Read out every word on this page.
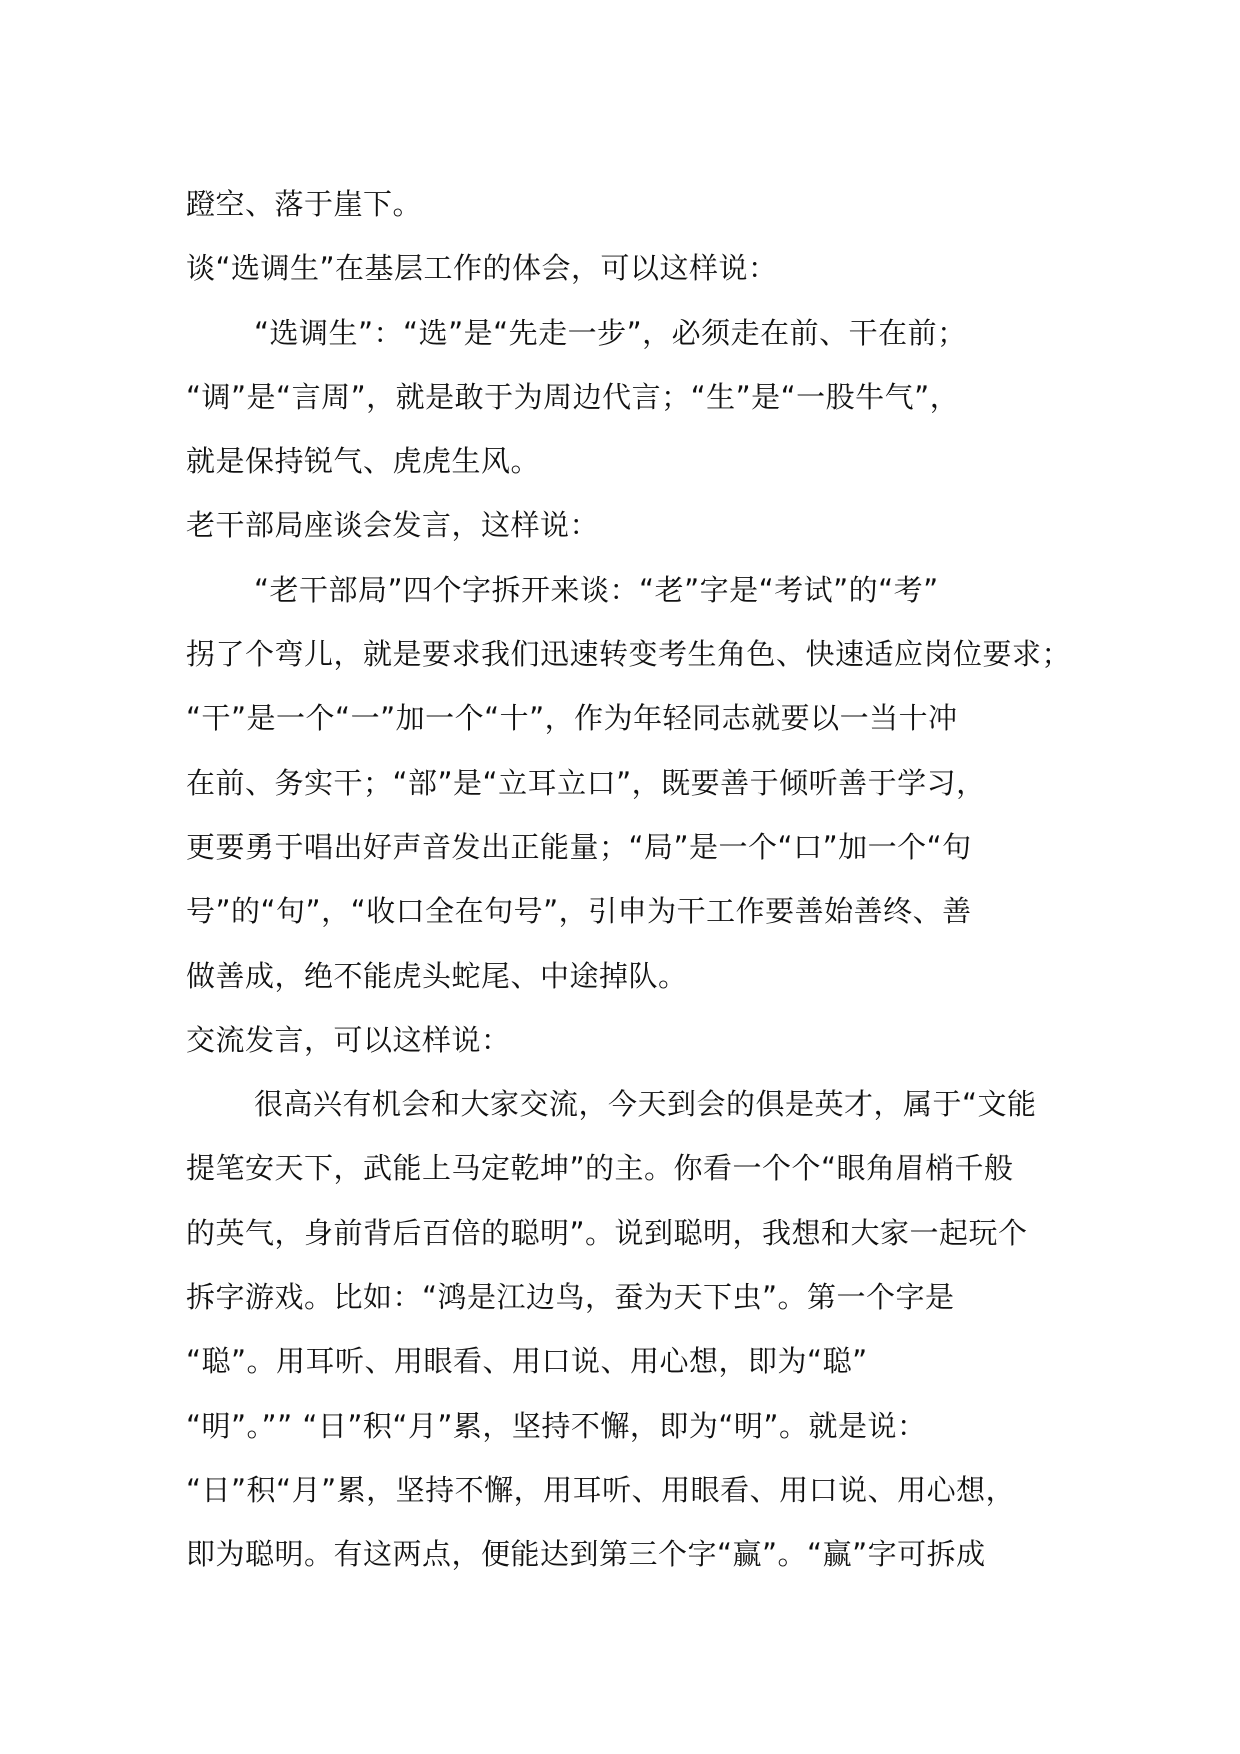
蹬空、落于崖下。
谈“选调生”在基层工作的体会，可以这样说：
“选调生”：“选”是“先走一步”，必须走在前、干在前；
“调”是“言周”，就是敢于为周边代言；“生”是“一股牛气”，
就是保持锐气、虎虎生风。
老干部局座谈会发言，这样说：
“老干部局”四个字拆开来谈：“老”字是“考试”的“考”
拐了个弯儿，就是要求我们迅速转变考生角色、快速适应岗位要求；
“干”是一个“一”加一个“十”，作为年轻同志就要以一当十冲
在前、务实干；“部”是“立耳立口”，既要善于倾听善于学习，
更要勇于唱出好声音发出正能量；“局”是一个“口”加一个“句
号”的“句”，“收口全在句号”，引申为干工作要善始善终、善
做善成，绝不能虎头蛇尾、中途掉队。
交流发言，可以这样说：
很高兴有机会和大家交流，今天到会的俱是英才，属于“文能
提笔安天下，武能上马定乾坤”的主。你看一个个“眼角眉梢千般
的英气，身前背后百倍的聪明”。说到聪明，我想和大家一起玩个
拆字游戏。比如：“鸿是江边鸟，蚕为天下虫”。第一个字是
“聪”。用耳听、用眼看、用口说、用心想，即为“聪”
“明”。”” “日”积“月”累，坚持不懈，即为“明”。就是说：
“日”积“月”累，坚持不懈，用耳听、用眼看、用口说、用心想，
即为聪明。有这两点，便能达到第三个字“赢”。“赢”字可拆成
